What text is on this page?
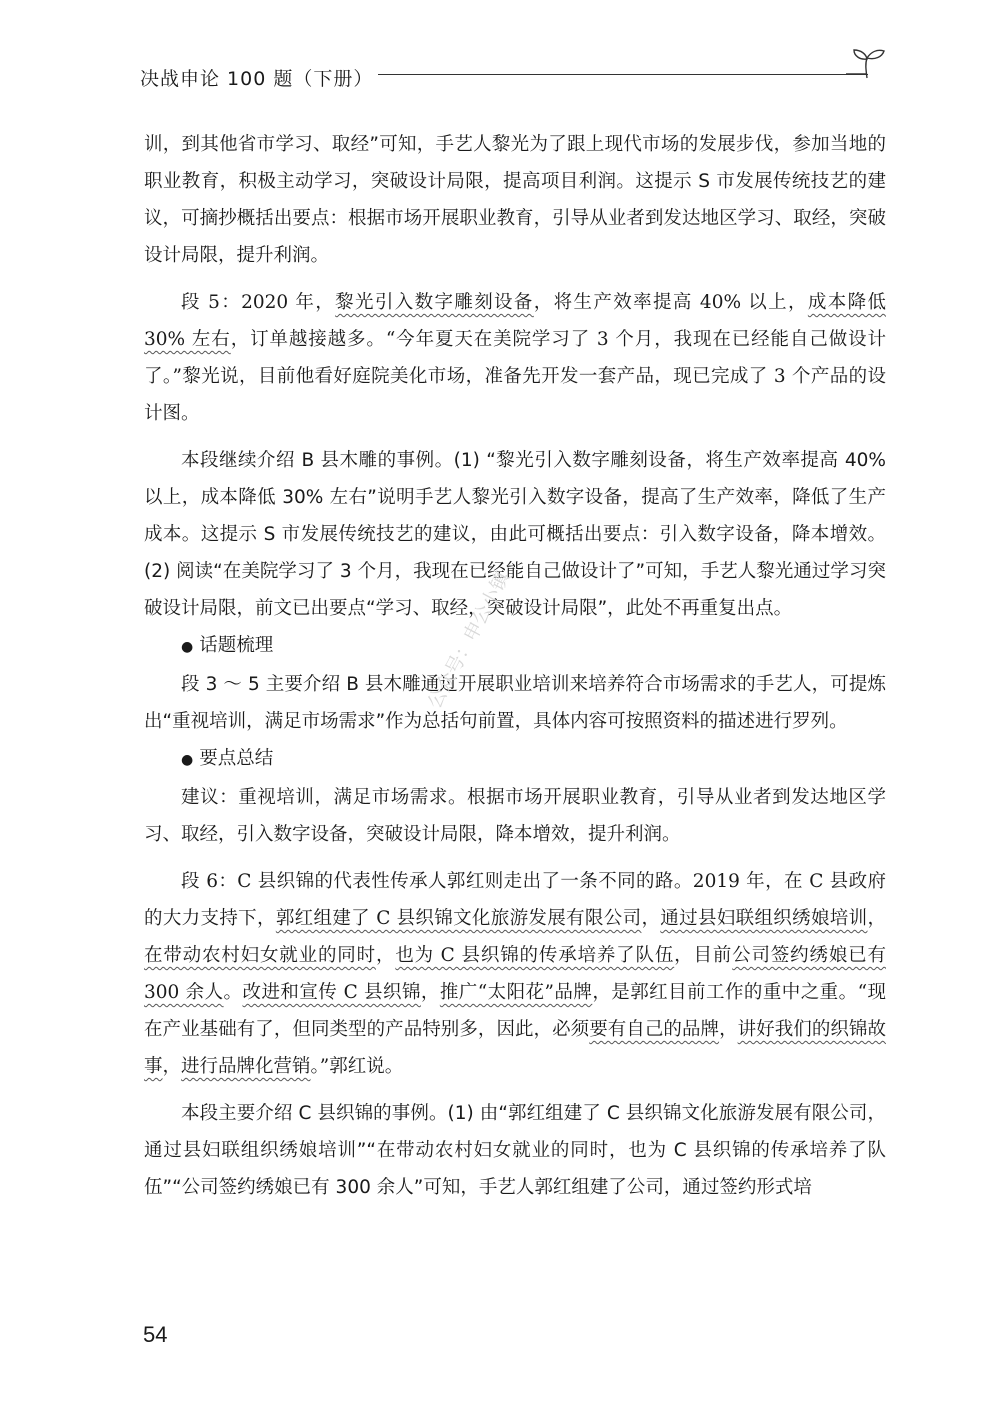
决战申论 100 题（下册）

训，到其他省市学习、取经”可知，手艺人黎光为了跟上现代市场的发展步伐，参加当地的职业教育，积极主动学习，突破设计局限，提高项目利润。这提示 S 市发展传统技艺的建议，可摘抄概括出要点：根据市场开展职业教育，引导从业者到发达地区学习、取经，突破设计局限，提升利润。

段 5：2020 年，黎光引入数字雕刻设备，将生产效率提高 40% 以上，成本降低 30% 左右，订单越接越多。“今年夏天在美院学习了 3 个月，我现在已经能自己做设计了。”黎光说，目前他看好庭院美化市场，准备先开发一套产品，现已完成了 3 个产品的设计图。

本段继续介绍 B 县木雕的事例。(1) “黎光引入数字雕刻设备，将生产效率提高 40% 以上，成本降低 30% 左右”说明手艺人黎光引入数字设备，提高了生产效率，降低了生产成本。这提示 S 市发展传统技艺的建议，由此可概括出要点：引入数字设备，降本增效。(2) 阅读“在美院学习了 3 个月，我现在已经能自己做设计了”可知，手艺人黎光通过学习突破设计局限，前文已出要点“学习、取经，突破设计局限”，此处不再重复出点。

● 话题梳理

段 3 ～ 5 主要介绍 B 县木雕通过开展职业培训来培养符合市场需求的手艺人，可提炼出“重视培训，满足市场需求”作为总括句前置，具体内容可按照资料的描述进行罗列。

● 要点总结

建议：重视培训，满足市场需求。根据市场开展职业教育，引导从业者到发达地区学习、取经，引入数字设备，突破设计局限，降本增效，提升利润。

段 6：C 县织锦的代表性传承人郭红则走出了一条不同的路。2019 年，在 C 县政府的大力支持下，郭红组建了 C 县织锦文化旅游发展有限公司，通过县妇联组织绣娘培训，在带动农村妇女就业的同时，也为 C 县织锦的传承培养了队伍，目前公司签约绣娘已有 300 余人。改进和宣传 C 县织锦，推广“太阳花”品牌，是郭红目前工作的重中之重。“现在产业基础有了，但同类型的产品特别多，因此，必须要有自己的品牌，讲好我们的织锦故事，进行品牌化营销。”郭红说。

本段主要介绍 C 县织锦的事例。(1) 由“郭红组建了 C 县织锦文化旅游发展有限公司，通过县妇联组织绣娘培训”“在带动农村妇女就业的同时，也为 C 县织锦的传承培养了队伍”“公司签约绣娘已有 300 余人”可知，手艺人郭红组建了公司，通过签约形式培

公众号：申公小镇
54
